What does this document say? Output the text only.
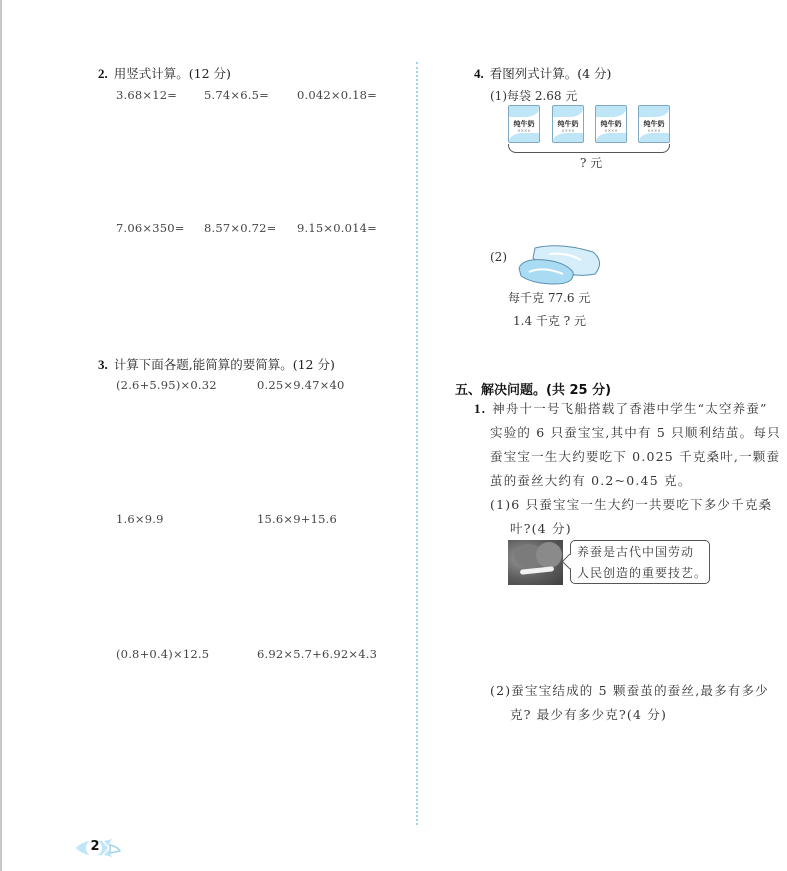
2. 用竖式计算。(12 分)
3.68×12= 5.74×6.5= 0.042×0.18=
7.06×350= 8.57×0.72= 9.15×0.014=
3. 计算下面各题,能简算的要简算。(12 分)
(2.6+5.95)×0.32	0.25×9.47×40
1.6×9.9	15.6×9+15.6
(0.8+0.4)×12.5	6.92×5.7+6.92×4.3
4. 看图列式计算。(4 分)
(1)每袋 2.68 元
纯牛奶
××××
纯牛奶
××××
纯牛奶
××××
纯牛奶
××××
? 元
(2)
每千克 77.6 元
1.4 千克 ? 元
五、解决问题。(共 25 分)
1. 神舟十一号飞船搭载了香港中学生“太空养蚕”
实验的 6 只蚕宝宝,其中有 5 只顺利结茧。每只
蚕宝宝一生大约要吃下 0.025 千克桑叶,一颗蚕
茧的蚕丝大约有 0.2~0.45 克。
(1)6 只蚕宝宝一生大约一共要吃下多少千克桑
叶?(4 分)
养蚕是古代中国劳动
人民创造的重要技艺。
(2)蚕宝宝结成的 5 颗蚕茧的蚕丝,最多有多少
克? 最少有多少克?(4 分)
2
